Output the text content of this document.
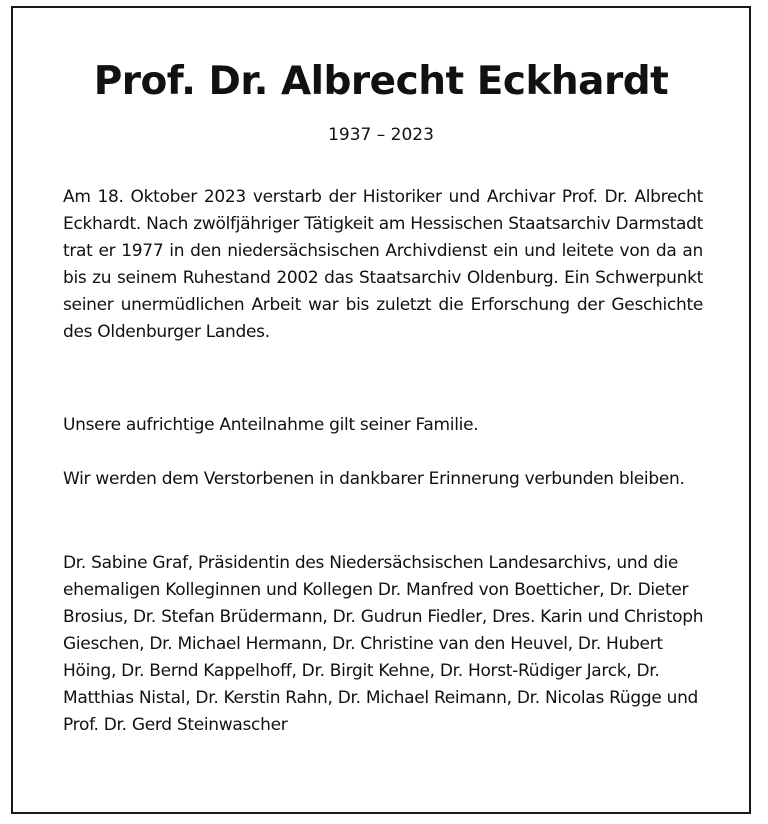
Prof. Dr. Albrecht Eckhardt
1937 – 2023
Am 18. Oktober 2023 verstarb der Historiker und Archivar Prof. Dr. Albrecht Eckhardt. Nach zwölfjähriger Tätigkeit am Hessischen Staatsarchiv Darmstadt trat er 1977 in den niedersächsischen Archivdienst ein und leitete von da an bis zu seinem Ruhestand 2002 das Staatsarchiv Oldenburg. Ein Schwerpunkt seiner unermüdlichen Arbeit war bis zuletzt die Erforschung der Geschichte des Oldenburger Landes.
Unsere aufrichtige Anteilnahme gilt seiner Familie.
Wir werden dem Verstorbenen in dankbarer Erinnerung verbunden bleiben.
Dr. Sabine Graf, Präsidentin des Niedersächsischen Landesarchivs, und die ehemaligen Kolleginnen und Kollegen Dr. Manfred von Boetticher, Dr. Dieter Brosius, Dr. Stefan Brüdermann, Dr. Gudrun Fiedler, Dres. Karin und Christoph Gieschen, Dr. Michael Hermann, Dr. Christine van den Heuvel, Dr. Hubert Höing, Dr. Bernd Kappelhoff, Dr. Birgit Kehne, Dr. Horst-Rüdiger Jarck, Dr. Matthias Nistal, Dr. Kerstin Rahn, Dr. Michael Reimann, Dr. Nicolas Rügge und Prof. Dr. Gerd Steinwascher
